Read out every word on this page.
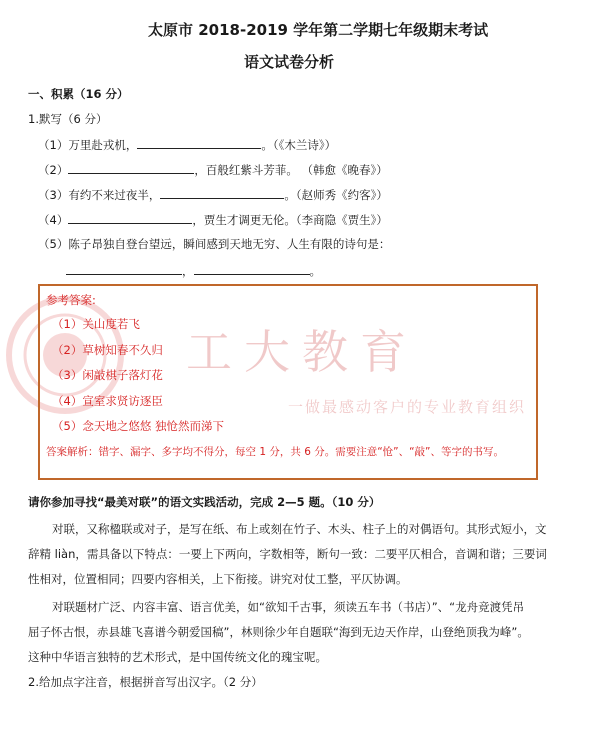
太原市 2018-2019 学年第二学期七年级期末考试
语文试卷分析
一、积累（16 分）
1.默写（6 分）
（1）万里赴戎机，	。（《木兰诗》）
（2）	，百般红紫斗芳菲。 （韩愈《晚春》）
（3）有约不来过夜半，	。（赵师秀《约客》）
（4）	，贾生才调更无伦。（李商隐《贾生》）
（5）陈子昂独自登台望远，瞬间感到天地无穷、人生有限的诗句是：
，	。
工大教育
一做最感动客户的专业教育组织
参考答案:
（1）关山度若飞
（2）草树知春不久归
（3）闲敲棋子落灯花
（4）宣室求贤访逐臣
（5）念天地之悠悠 独怆然而涕下
答案解析：错字、漏字、多字均不得分，每空 1 分，共 6 分。需要注意“怆”、“敲”、等字的书写。
请你参加寻找“最美对联”的语文实践活动，完成 2—5 题。（10 分）
对联，又称楹联或对子，是写在纸、布上或刻在竹子、木头、柱子上的对偶语句。其形式短小，文
辞精 liàn，需具备以下特点：一要上下两向，字数相等，断句一致：二要平仄相合，音调和谐；三要词
性相对，位置相同；四要内容相关，上下衔接。讲究对仗工整，平仄协调。
对联题材广泛、内容丰富、语言优美，如“欲知千古事，须读五车书（书店）”、“龙舟竞渡凭吊
屈子怀古恨，赤县雄飞喜谱今朝爱国稿”，林则徐少年自题联“海到无边天作岸，山登绝顶我为峰”。
这种中华语言独特的艺术形式，是中国传统文化的瑰宝呢。
2.给加点字注音，根据拼音写出汉字。（2 分）
